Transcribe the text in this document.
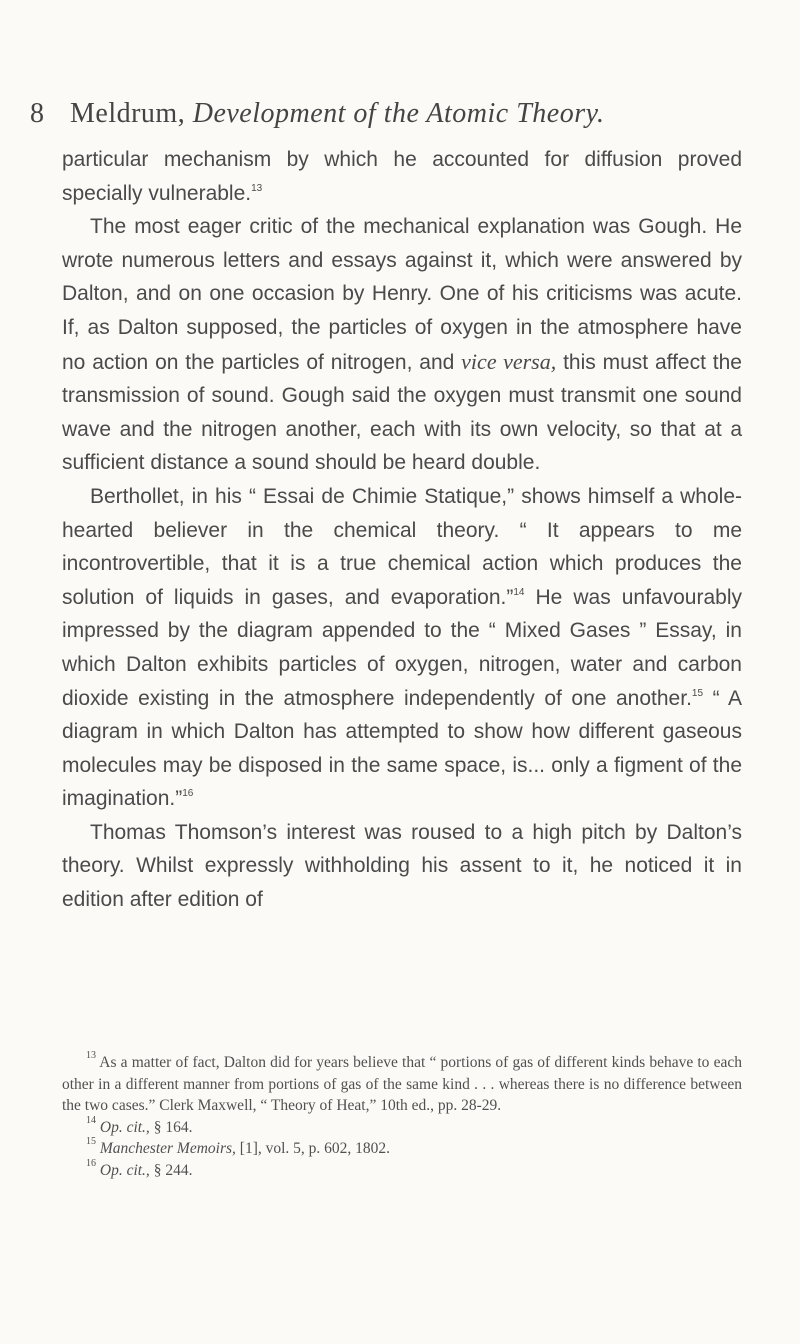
8 Meldrum, Development of the Atomic Theory.

particular mechanism by which he accounted for diffusion proved specially vulnerable.$^{13}$

The most eager critic of the mechanical explanation was Gough. He wrote numerous letters and essays against it, which were answered by Dalton, and on one occasion by Henry. One of his criticisms was acute. If, as Dalton supposed, the particles of oxygen in the atmosphere have no action on the particles of nitrogen, and vice versa, this must affect the transmission of sound. Gough said the oxygen must transmit one sound wave and the nitrogen another, each with its own velocity, so that at a sufficient distance a sound should be heard double.

Berthollet, in his “ Essai de Chimie Statique,” shows himself a whole-hearted believer in the chemical theory. “ It appears to me incontrovertible, that it is a true chemical action which produces the solution of liquids in gases, and evaporation.”$^{14}$ He was unfavourably impressed by the diagram appended to the “ Mixed Gases ” Essay, in which Dalton exhibits particles of oxygen, nitrogen, water and carbon dioxide existing in the atmosphere independently of one another.$^{15}$ “ A diagram in which Dalton has attempted to show how different gaseous molecules may be disposed in the same space, is... only a figment of the imagination.”$^{16}$

Thomas Thomson’s interest was roused to a high pitch by Dalton’s theory. Whilst expressly withholding his assent to it, he noticed it in edition after edition of

$^{13}$ As a matter of fact, Dalton did for years believe that “ portions of gas of different kinds behave to each other in a different manner from portions of gas of the same kind . . . whereas there is no difference between the two cases.” Clerk Maxwell, “ Theory of Heat,” 10th ed., pp. 28-29.

$^{14}$ Op. cit., § 164.

$^{15}$ Manchester Memoirs, [1], vol. 5, p. 602, 1802.

$^{16}$ Op. cit., § 244.
